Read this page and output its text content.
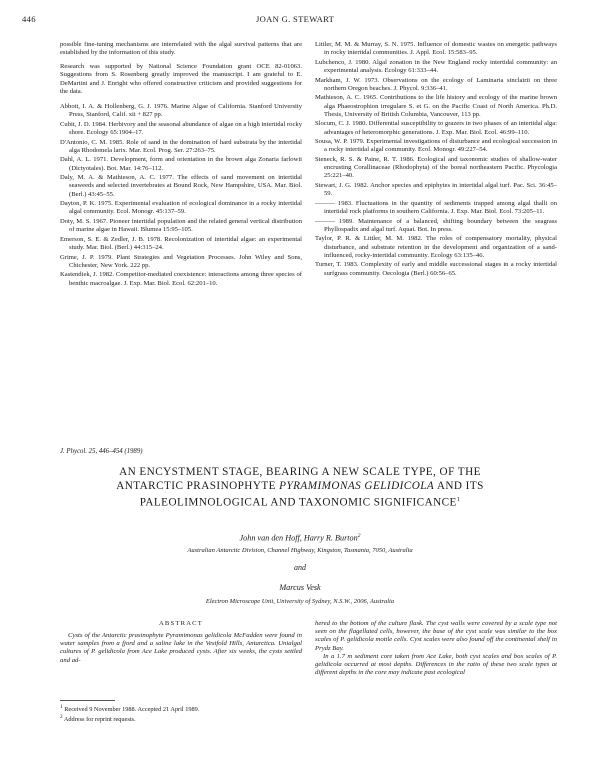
446	JOAN G. STEWART

possible fine-tuning mechanisms are interrelated with the algal survival patterns that are established by the information of this study.

Research was supported by National Science Foundation grant OCE 82-01063. Suggestions from S. Rosenberg greatly improved the manuscript. I am grateful to E. DeMartini and J. Enright who offered constructive criticism and provided suggestions for the data.

Abbott, I. A. & Hollenberg, G. J. 1976. Marine Algae of California. Stanford University Press, Stanford, Calif. xii + 827 pp.

Cubit, J. D. 1984. Herbivory and the seasonal abundance of algae on a high intertidal rocky shore. Ecology 65:1904–17.

D'Antonio, C. M. 1985. Role of sand in the domination of hard substrata by the intertidal alga Rhodomela larix. Mar. Ecol. Prog. Ser. 27:263–75.

Dahl, A. L. 1971. Development, form and orientation in the brown alga Zonaria farlowii (Dictyotales). Bot. Mar. 14:76–112.

Daly, M. A. & Mathieson, A. C. 1977. The effects of sand movement on intertidal seaweeds and selected invertebrates at Bound Rock, New Hampshire, USA. Mar. Biol. (Berl.) 43:45–55.

Dayton, P. K. 1975. Experimental evaluation of ecological dominance in a rocky intertidal algal community. Ecol. Monogr. 45:137–59.

Doty, M. S. 1967. Pioneer intertidal population and the related general vertical distribution of marine algae in Hawaii. Blumea 15:95–105.

Emerson, S. E. & Zedler, J. B. 1978. Recolonization of intertidal algae: an experimental study. Mar. Biol. (Berl.) 44:315–24.

Grime, J. P. 1979. Plant Strategies and Vegetation Processes. John Wiley and Sons, Chichester, New York. 222 pp.

Kastendiek, J. 1982. Competitor-mediated coexistence: interactions among three species of benthic macroalgae. J. Exp. Mar. Biol. Ecol. 62:201–10.

Littler, M. M. & Murray, S. N. 1975. Influence of domestic wastes on energetic pathways in rocky intertidal communities. J. Appl. Ecol. 15:583–95.

Lubchenco, J. 1980. Algal zonation in the New England rocky intertidal community: an experimental analysis. Ecology 61:333–44.

Markham, J. W. 1973. Observations on the ecology of Laminaria sinclairii on three northern Oregon beaches. J. Phycol. 9:336–41.

Mathieson, A. C. 1965. Contributions to the life history and ecology of the marine brown alga Phaeostrophion irregulare S. et G. on the Pacific Coast of North America. Ph.D. Thesis, University of British Columbia, Vancouver, 113 pp.

Slocum, C. J. 1980. Differential susceptibility to grazers in two phases of an intertidal alga: advantages of heteromorphic generations. J. Exp. Mar. Biol. Ecol. 46:99–110.

Sousa, W. P. 1979. Experimental investigations of disturbance and ecological succession in a rocky intertidal algal community. Ecol. Monogr. 49:227–54.

Steneck, R. S. & Paine, R. T. 1986. Ecological and taxonomic studies of shallow-water encrusting Corallinaceae (Rhodophyta) of the boreal northeastern Pacific. Phycologia 25:221–40.

Stewart, J. G. 1982. Anchor species and epiphytes in intertidal algal turf. Pac. Sci. 36:45–59.

——— 1983. Fluctuations in the quantity of sediments trapped among algal thalli on intertidal rock platforms in southern California. J. Exp. Mar. Biol. Ecol. 73:205–11.

——— 1989. Maintenance of a balanced, shifting boundary between the seagrass Phyllospadix and algal turf. Aquat. Bot. In press.

Taylor, P. R. & Littler, M. M. 1982. The roles of compensatory mortality, physical disturbance, and substrate retention in the development and organization of a sand-influenced, rocky-intertidal community. Ecology 63:135–46.

Turner, T. 1983. Complexity of early and middle successional stages in a rocky intertidal surfgrass community. Oecologia (Berl.) 60:56–65.

J. Phycol. 25, 446–454 (1989)
AN ENCYSTMENT STAGE, BEARING A NEW SCALE TYPE, OF THE
ANTARCTIC PRASINOPHYTE PYRAMIMONAS GELIDICOLA AND ITS
PALEOLIMNOLOGICAL AND TAXONOMIC SIGNIFICANCE$^1$
John van den Hoff, Harry R. Burton$^2$
Australian Antarctic Division, Channel Highway, Kingston, Tasmania, 7050, Australia
and
Marcus Vesk
Electron Microscope Unit, University of Sydney, N.S.W., 2006, Australia
ABSTRACT

Cysts of the Antarctic prasinophyte Pyramimonas gelidicola McFadden were found in water samples from a fjord and a saline lake in the Vestfold Hills, Antarctica. Unialgal cultures of P. gelidicola from Ace Lake produced cysts. After six weeks, the cysts settled and ad-

$^1$ Received 9 November 1988. Accepted 21 April 1989.

$^2$ Address for reprint requests.

hered to the bottom of the culture flask. The cyst walls were covered by a scale type not seen on the flagellated cells, however, the base of the cyst scale was similar to the box scales of P. gelidicola motile cells. Cyst scales were also found off the continental shelf in Prydz Bay.

In a 1.7 m sediment core taken from Ace Lake, both cyst scales and box scales of P. gelidicola occurred at most depths. Differences in the ratio of these two scale types at different depths in the core may indicate past ecological
